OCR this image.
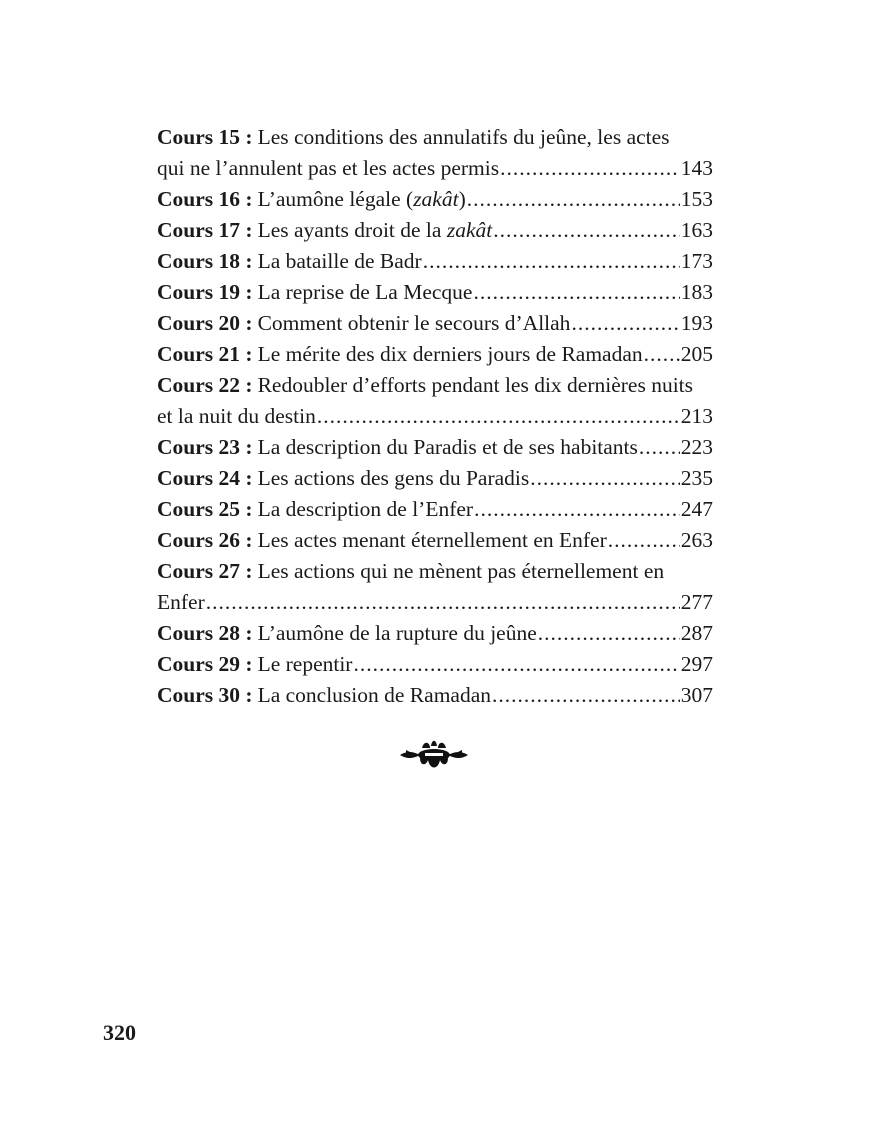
Cours 15 : Les conditions des annulatifs du jeûne, les actes
qui ne l’annulent pas et les actes permis .....	143
Cours 16 : L’aumône légale (zakât) .....	153
Cours 17 : Les ayants droit de la zakât .....	163
Cours 18 : La bataille de Badr .....	173
Cours 19 : La reprise de La Mecque .....	183
Cours 20 : Comment obtenir le secours d’Allah .....	193
Cours 21 : Le mérite des dix derniers jours de Ramadan ..... 205
Cours 22 : Redoubler d’efforts pendant les dix dernières nuits
et la nuit du destin .....	213
Cours 23 : La description du Paradis et de ses habitants ..... 223
Cours 24 : Les actions des gens du Paradis .....	235
Cours 25 : La description de l’Enfer .....	247
Cours 26 : Les actes menant éternellement en Enfer .....	263
Cours 27 : Les actions qui ne mènent pas éternellement en
Enfer .....	277
Cours 28 : L’aumône de la rupture du jeûne .....	287
Cours 29 : Le repentir .....	297
Cours 30 : La conclusion de Ramadan .....	307
320
